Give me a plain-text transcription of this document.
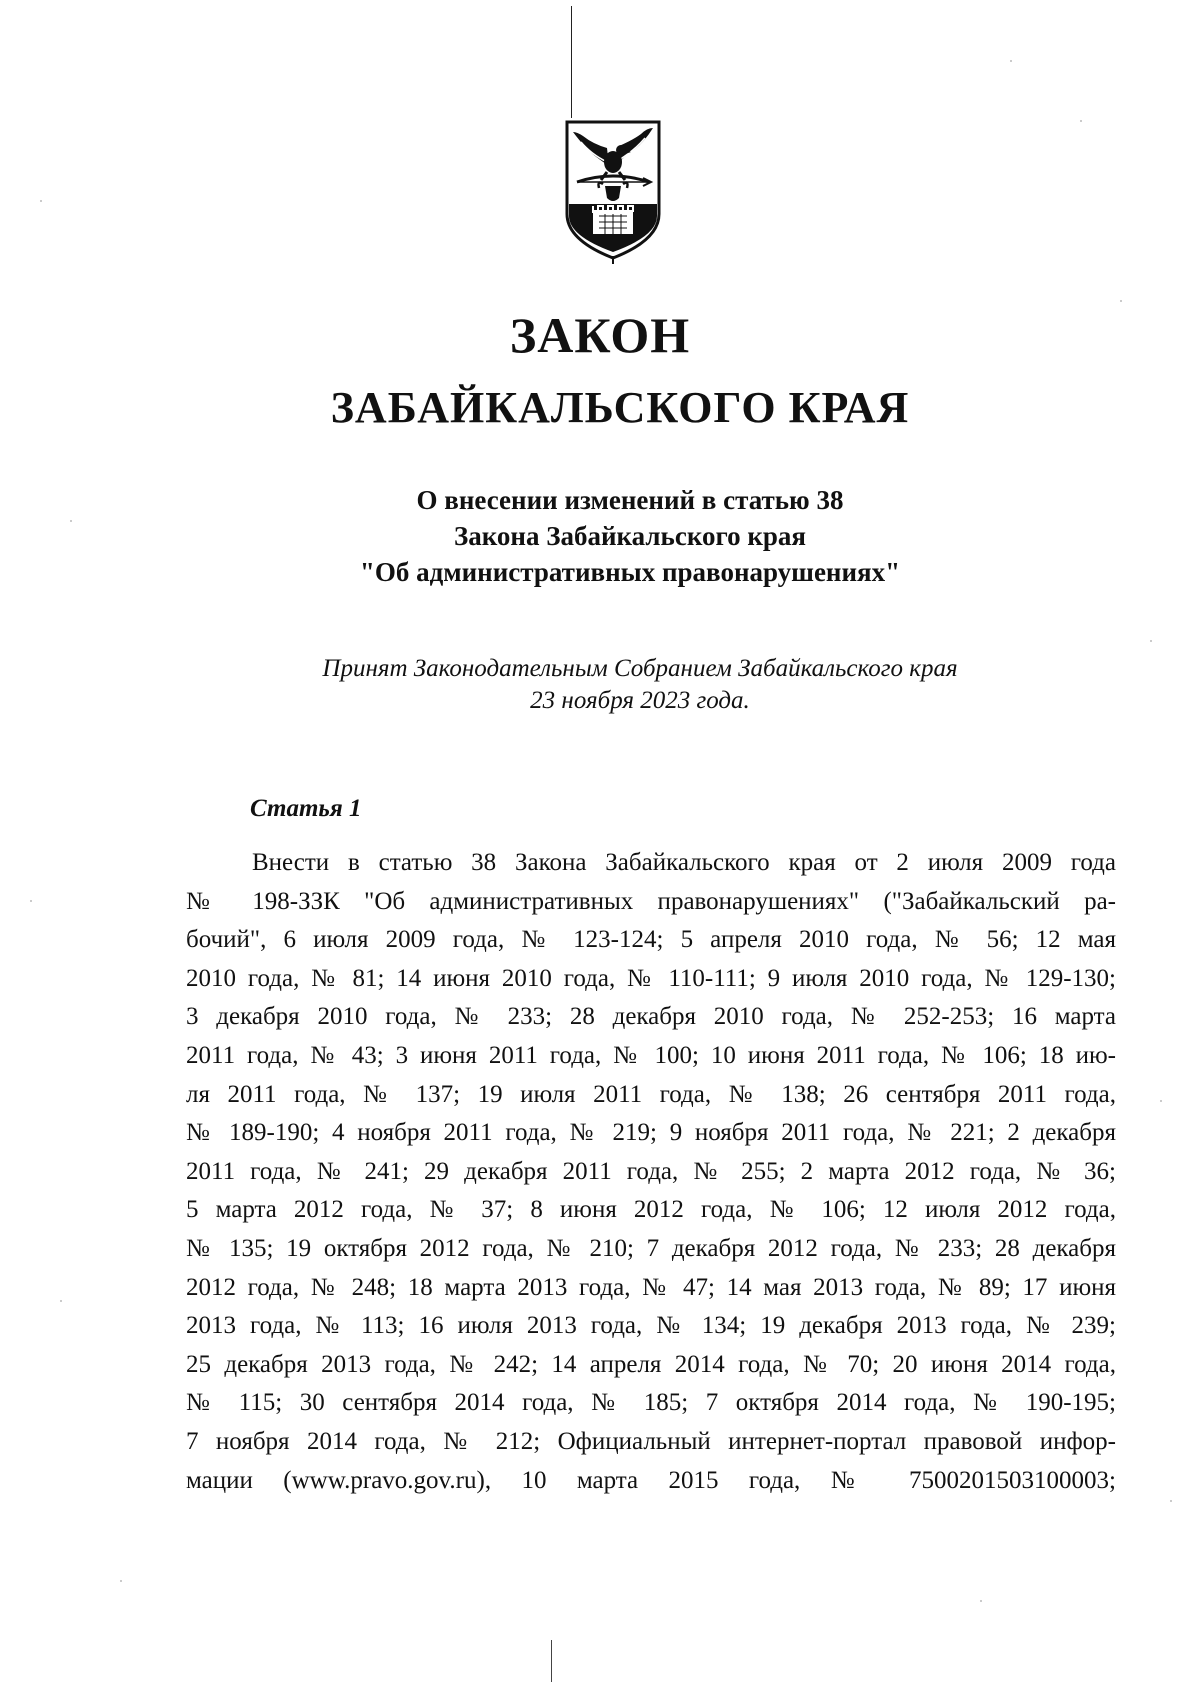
ЗАКОН
ЗАБАЙКАЛЬСКОГО КРАЯ
О внесении изменений в статью 38
Закона Забайкальского края
"Об административных правонарушениях"
Принят Законодательным Собранием Забайкальского края
23 ноября 2023 года.
Статья 1
Внести в статью 38 Закона Забайкальского края от 2 июля 2009 года
№ 198-ЗЗК "Об административных правонарушениях" ("Забайкальский ра-
бочий", 6 июля 2009 года, № 123-124; 5 апреля 2010 года, № 56; 12 мая
2010 года, № 81; 14 июня 2010 года, № 110-111; 9 июля 2010 года, № 129-130;
3 декабря 2010 года, № 233; 28 декабря 2010 года, № 252-253; 16 марта
2011 года, № 43; 3 июня 2011 года, № 100; 10 июня 2011 года, № 106; 18 ию-
ля 2011 года, № 137; 19 июля 2011 года, № 138; 26 сентября 2011 года,
№ 189-190; 4 ноября 2011 года, № 219; 9 ноября 2011 года, № 221; 2 декабря
2011 года, № 241; 29 декабря 2011 года, № 255; 2 марта 2012 года, № 36;
5 марта 2012 года, № 37; 8 июня 2012 года, № 106; 12 июля 2012 года,
№ 135; 19 октября 2012 года, № 210; 7 декабря 2012 года, № 233; 28 декабря
2012 года, № 248; 18 марта 2013 года, № 47; 14 мая 2013 года, № 89; 17 июня
2013 года, № 113; 16 июля 2013 года, № 134; 19 декабря 2013 года, № 239;
25 декабря 2013 года, № 242; 14 апреля 2014 года, № 70; 20 июня 2014 года,
№ 115; 30 сентября 2014 года, № 185; 7 октября 2014 года, № 190-195;
7 ноября 2014 года, № 212; Официальный интернет-портал правовой инфор-
мации (www.pravo.gov.ru), 10 марта 2015 года, № 7500201503100003;
